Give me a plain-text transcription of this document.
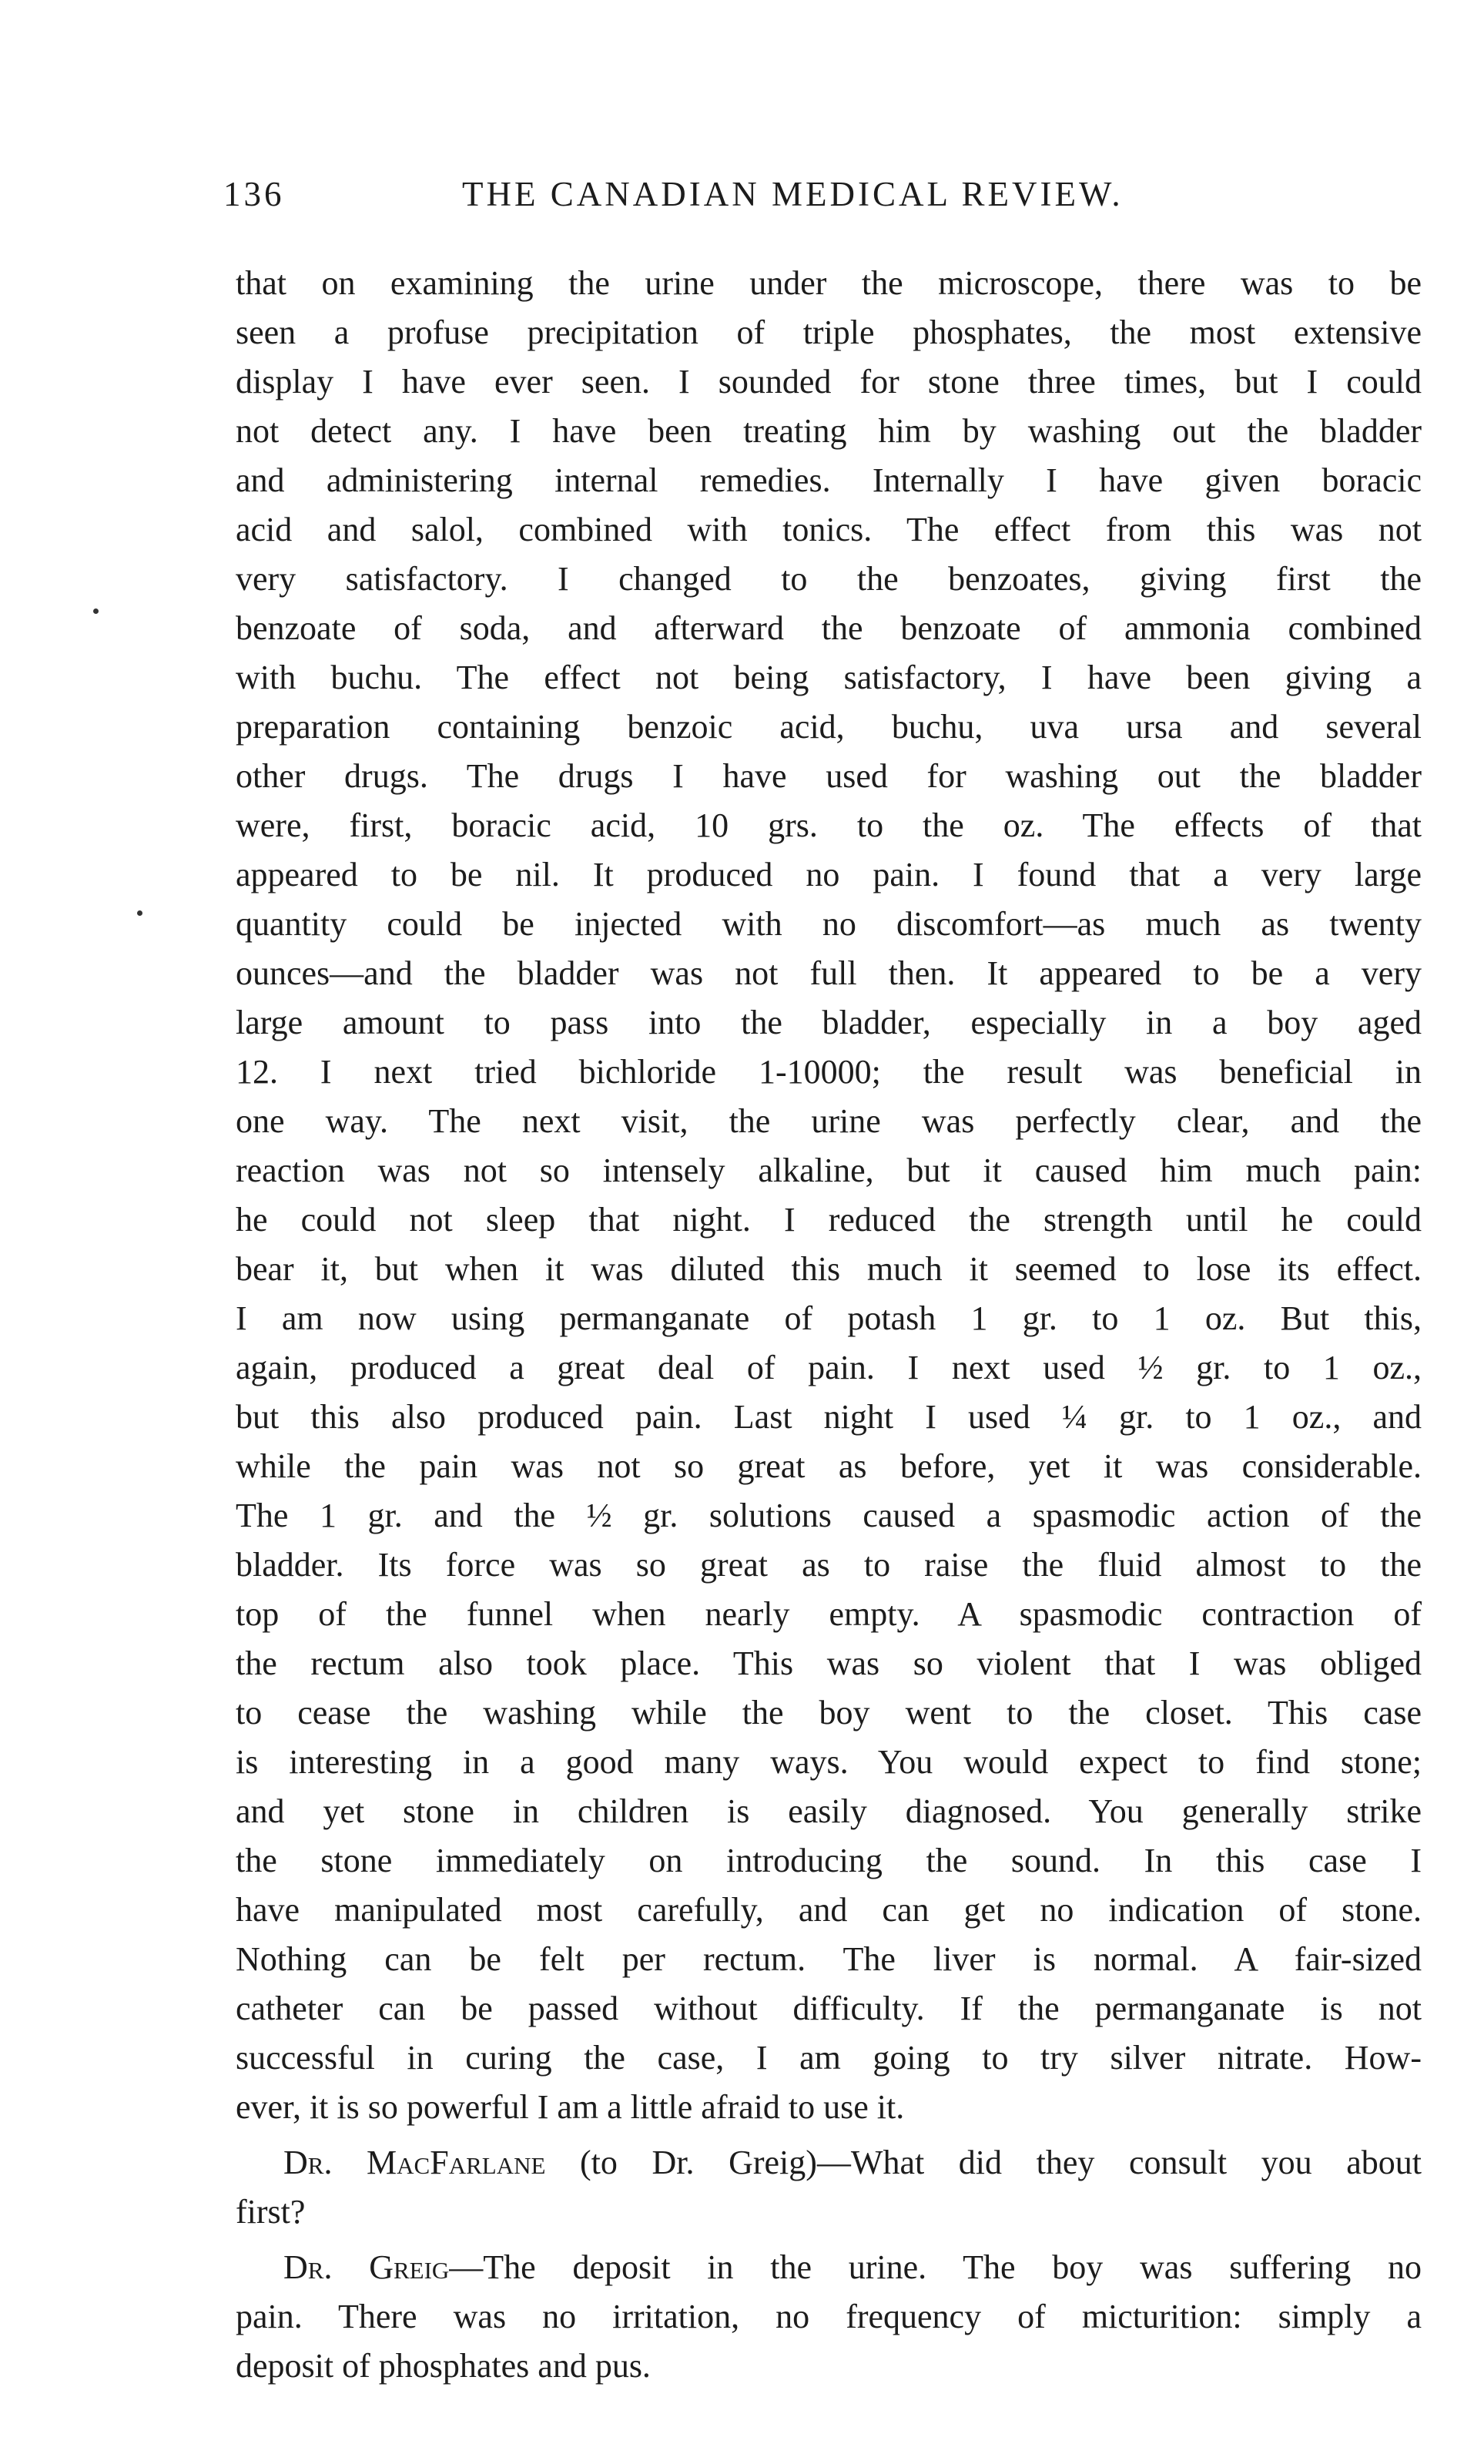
136	THE CANADIAN MEDICAL REVIEW.
that on examining the urine under the microscope, there was to be
seen a profuse precipitation of triple phosphates, the most extensive
display I have ever seen. I sounded for stone three times, but I could
not detect any. I have been treating him by washing out the bladder
and administering internal remedies. Internally I have given boracic
acid and salol, combined with tonics. The effect from this was not
very satisfactory. I changed to the benzoates, giving first the
benzoate of soda, and afterward the benzoate of ammonia combined
with buchu. The effect not being satisfactory, I have been giving a
preparation containing benzoic acid, buchu, uva ursa and several
other drugs. The drugs I have used for washing out the bladder
were, first, boracic acid, 10 grs. to the oz. The effects of that
appeared to be nil. It produced no pain. I found that a very large
quantity could be injected with no discomfort—as much as twenty
ounces—and the bladder was not full then. It appeared to be a very
large amount to pass into the bladder, especially in a boy aged
12. I next tried bichloride 1-10000; the result was beneficial in
one way. The next visit, the urine was perfectly clear, and the
reaction was not so intensely alkaline, but it caused him much pain:
he could not sleep that night. I reduced the strength until he could
bear it, but when it was diluted this much it seemed to lose its effect.
I am now using permanganate of potash 1 gr. to 1 oz. But this,
again, produced a great deal of pain. I next used ½ gr. to 1 oz.,
but this also produced pain. Last night I used ¼ gr. to 1 oz., and
while the pain was not so great as before, yet it was considerable.
The 1 gr. and the ½ gr. solutions caused a spasmodic action of the
bladder. Its force was so great as to raise the fluid almost to the
top of the funnel when nearly empty. A spasmodic contraction of
the rectum also took place. This was so violent that I was obliged
to cease the washing while the boy went to the closet. This case
is interesting in a good many ways. You would expect to find stone;
and yet stone in children is easily diagnosed. You generally strike
the stone immediately on introducing the sound. In this case I
have manipulated most carefully, and can get no indication of stone.
Nothing can be felt per rectum. The liver is normal. A fair-sized
catheter can be passed without difficulty. If the permanganate is not
successful in curing the case, I am going to try silver nitrate. How-
ever, it is so powerful I am a little afraid to use it.
Dr. MacFarlane (to Dr. Greig)—What did they consult you about
first?
Dr. Greig—The deposit in the urine. The boy was suffering no
pain. There was no irritation, no frequency of micturition: simply a
deposit of phosphates and pus.
